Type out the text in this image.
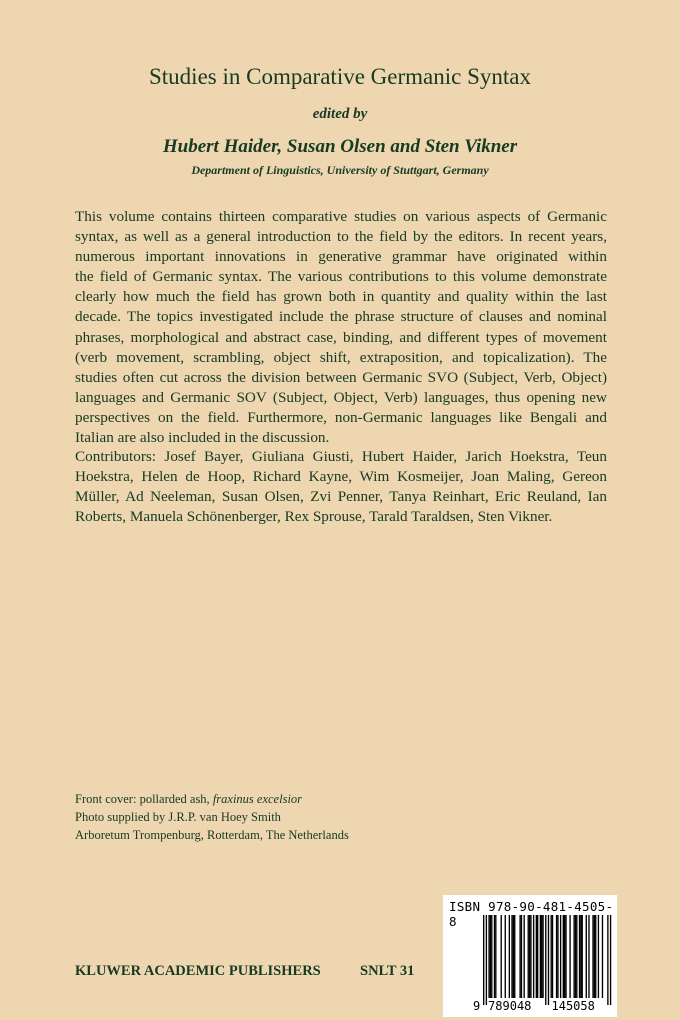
Studies in Comparative Germanic Syntax
edited by
Hubert Haider, Susan Olsen and Sten Vikner
Department of Linguistics, University of Stuttgart, Germany
This volume contains thirteen comparative studies on various aspects of Germanic
syntax, as well as a general introduction to the field by the editors. In recent years,
numerous important innovations in generative grammar have originated within
the field of Germanic syntax. The various contributions to this volume demonstrate
clearly how much the field has grown both in quantity and quality within the last
decade. The topics investigated include the phrase structure of clauses and nominal
phrases, morphological and abstract case, binding, and different types of movement
(verb movement, scrambling, object shift, extraposition, and topicalization). The
studies often cut across the division between Germanic SVO (Subject, Verb, Object)
languages and Germanic SOV (Subject, Object, Verb) languages, thus opening new
perspectives on the field. Furthermore, non-Germanic languages like Bengali and
Italian are also included in the discussion.
Contributors: Josef Bayer, Giuliana Giusti, Hubert Haider, Jarich Hoekstra, Teun
Hoekstra, Helen de Hoop, Richard Kayne, Wim Kosmeijer, Joan Maling, Gereon
Müller, Ad Neeleman, Susan Olsen, Zvi Penner, Tanya Reinhart, Eric Reuland, Ian
Roberts, Manuela Schönenberger, Rex Sprouse, Tarald Taraldsen, Sten Vikner.
Front cover: pollarded ash, fraxinus excelsior
Photo supplied by J.R.P. van Hoey Smith
Arboretum Trompenburg, Rotterdam, The Netherlands
KLUWER ACADEMIC PUBLISHERS	SNLT 31
ISBN 978-90-481-4505-8
9 789048 145058
